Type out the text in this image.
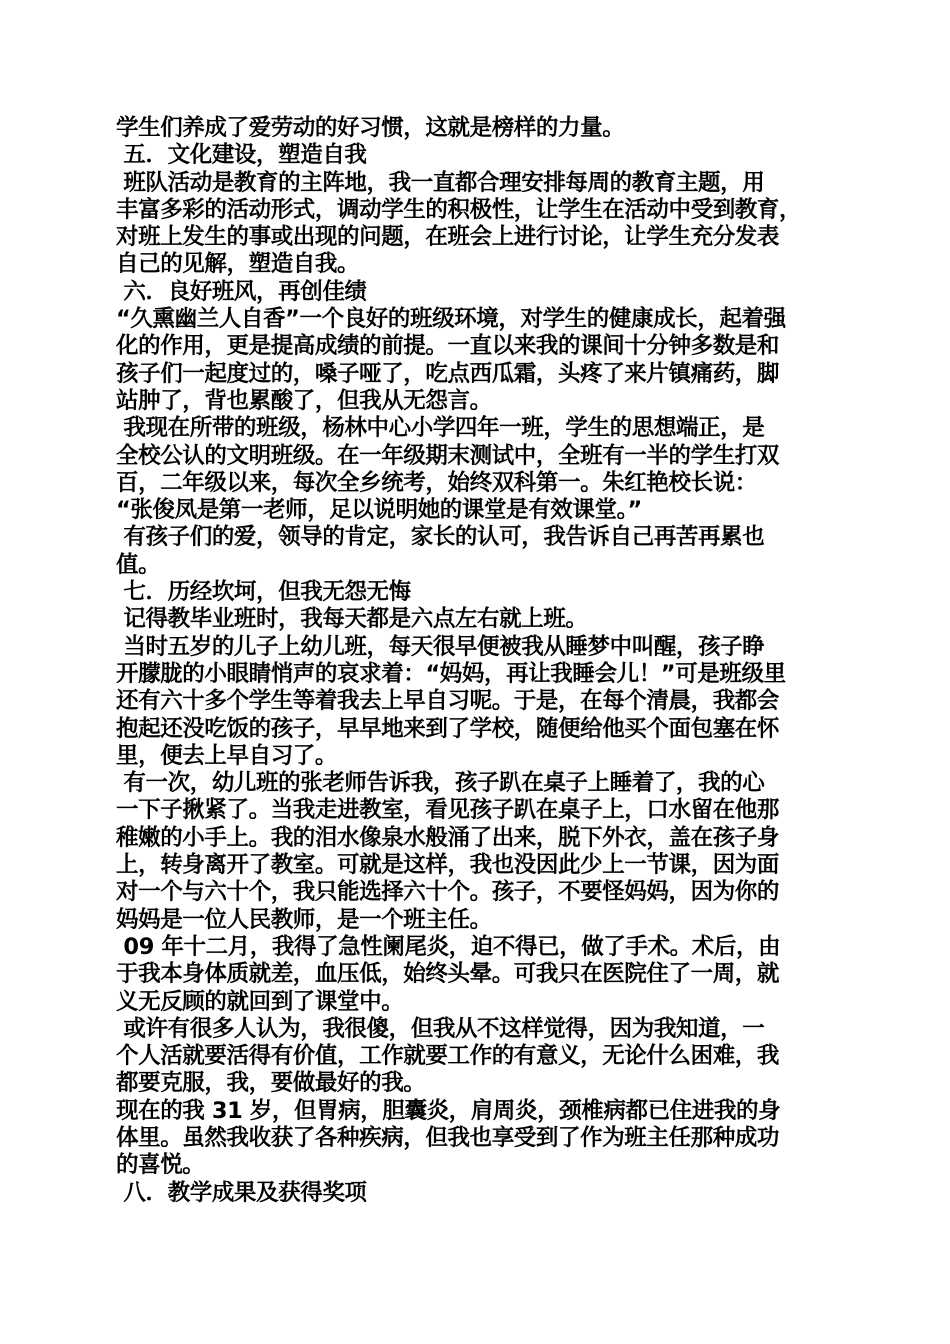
学生们养成了爱劳动的好习惯，这就是榜样的力量。
五．文化建设，塑造自我
班队活动是教育的主阵地，我一直都合理安排每周的教育主题，用
丰富多彩的活动形式，调动学生的积极性，让学生在活动中受到教育，
对班上发生的事或出现的问题，在班会上进行讨论，让学生充分发表
自己的见解，塑造自我。
六．良好班风，再创佳绩
“久熏幽兰人自香”一个良好的班级环境，对学生的健康成长，起着强
化的作用，更是提高成绩的前提。一直以来我的课间十分钟多数是和
孩子们一起度过的，嗓子哑了，吃点西瓜霜，头疼了来片镇痛药，脚
站肿了，背也累酸了，但我从无怨言。
我现在所带的班级，杨林中心小学四年一班，学生的思想端正，是
全校公认的文明班级。在一年级期末测试中，全班有一半的学生打双
百，二年级以来，每次全乡统考，始终双科第一。朱红艳校长说：
“张俊凤是第一老师，足以说明她的课堂是有效课堂。”
有孩子们的爱，领导的肯定，家长的认可，我告诉自己再苦再累也
值。
七．历经坎坷，但我无怨无悔
记得教毕业班时，我每天都是六点左右就上班。
当时五岁的儿子上幼儿班，每天很早便被我从睡梦中叫醒，孩子睁
开朦胧的小眼睛悄声的哀求着：“妈妈，再让我睡会儿！”可是班级里
还有六十多个学生等着我去上早自习呢。于是，在每个清晨，我都会
抱起还没吃饭的孩子，早早地来到了学校，随便给他买个面包塞在怀
里，便去上早自习了。
有一次，幼儿班的张老师告诉我，孩子趴在桌子上睡着了，我的心
一下子揪紧了。当我走进教室，看见孩子趴在桌子上，口水留在他那
稚嫩的小手上。我的泪水像泉水般涌了出来，脱下外衣，盖在孩子身
上，转身离开了教室。可就是这样，我也没因此少上一节课，因为面
对一个与六十个，我只能选择六十个。孩子，不要怪妈妈，因为你的
妈妈是一位人民教师，是一个班主任。
09 年十二月，我得了急性阑尾炎，迫不得已，做了手术。术后，由
于我本身体质就差，血压低，始终头晕。可我只在医院住了一周，就
义无反顾的就回到了课堂中。
或许有很多人认为，我很傻，但我从不这样觉得，因为我知道，一
个人活就要活得有价值，工作就要工作的有意义，无论什么困难，我
都要克服，我，要做最好的我。
现在的我 31 岁，但胃病，胆囊炎，肩周炎，颈椎病都已住进我的身
体里。虽然我收获了各种疾病，但我也享受到了作为班主任那种成功
的喜悦。
八．教学成果及获得奖项
